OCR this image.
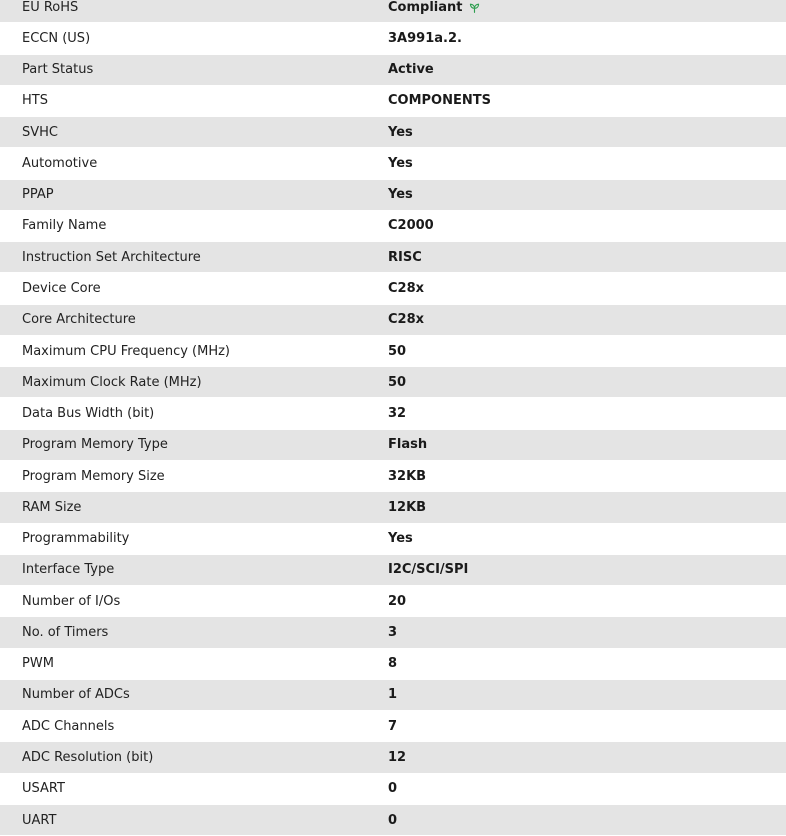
EU RoHS	Compliant
ECCN (US)	3A991a.2.
Part Status	Active
HTS	COMPONENTS
SVHC	Yes
Automotive	Yes
PPAP	Yes
Family Name	C2000
Instruction Set Architecture	RISC
Device Core	C28x
Core Architecture	C28x
Maximum CPU Frequency (MHz)	50
Maximum Clock Rate (MHz)	50
Data Bus Width (bit)	32
Program Memory Type	Flash
Program Memory Size	32KB
RAM Size	12KB
Programmability	Yes
Interface Type	I2C/SCI/SPI
Number of I/Os	20
No. of Timers	3
PWM	8
Number of ADCs	1
ADC Channels	7
ADC Resolution (bit)	12
USART	0
UART	0
